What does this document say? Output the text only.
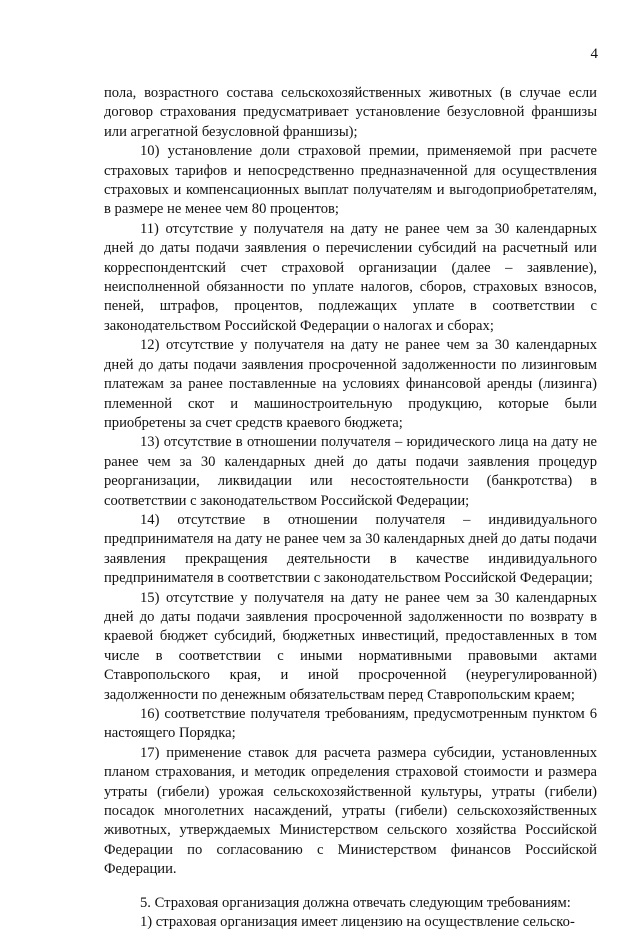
4

пола, возрастного состава сельскохозяйственных животных (в случае если договор страхования предусматривает установление безусловной франшизы или агрегатной безусловной франшизы);

10) установление доли страховой премии, применяемой при расчете страховых тарифов и непосредственно предназначенной для осуществления страховых и компенсационных выплат получателям и выгодоприобретателям, в размере не менее чем 80 процентов;

11) отсутствие у получателя на дату не ранее чем за 30 календарных дней до даты подачи заявления о перечислении субсидий на расчетный или корреспондентский счет страховой организации (далее – заявление), неисполненной обязанности по уплате налогов, сборов, страховых взносов, пеней, штрафов, процентов, подлежащих уплате в соответствии с законодательством Российской Федерации о налогах и сборах;

12) отсутствие у получателя на дату не ранее чем за 30 календарных дней до даты подачи заявления просроченной задолженности по лизинговым платежам за ранее поставленные на условиях финансовой аренды (лизинга) племенной скот и машиностроительную продукцию, которые были приобретены за счет средств краевого бюджета;

13) отсутствие в отношении получателя – юридического лица на дату не ранее чем за 30 календарных дней до даты подачи заявления процедур реорганизации, ликвидации или несостоятельности (банкротства) в соответствии с законодательством Российской Федерации;

14) отсутствие в отношении получателя – индивидуального предпринимателя на дату не ранее чем за 30 календарных дней до даты подачи заявления прекращения деятельности в качестве индивидуального предпринимателя в соответствии с законодательством Российской Федерации;

15) отсутствие у получателя на дату не ранее чем за 30 календарных дней до даты подачи заявления просроченной задолженности по возврату в краевой бюджет субсидий, бюджетных инвестиций, предоставленных в том числе в соответствии с иными нормативными правовыми актами Ставропольского края, и иной просроченной (неурегулированной) задолженности по денежным обязательствам перед Ставропольским краем;

16) соответствие получателя требованиям, предусмотренным пунктом 6 настоящего Порядка;

17) применение ставок для расчета размера субсидии, установленных планом страхования, и методик определения страховой стоимости и размера утраты (гибели) урожая сельскохозяйственной культуры, утраты (гибели) посадок многолетних насаждений, утраты (гибели) сельскохозяйственных животных, утверждаемых Министерством сельского хозяйства Российской Федерации по согласованию с Министерством финансов Российской Федерации.

5. Страховая организация должна отвечать следующим требованиям:

1) страховая организация имеет лицензию на осуществление сельско-
